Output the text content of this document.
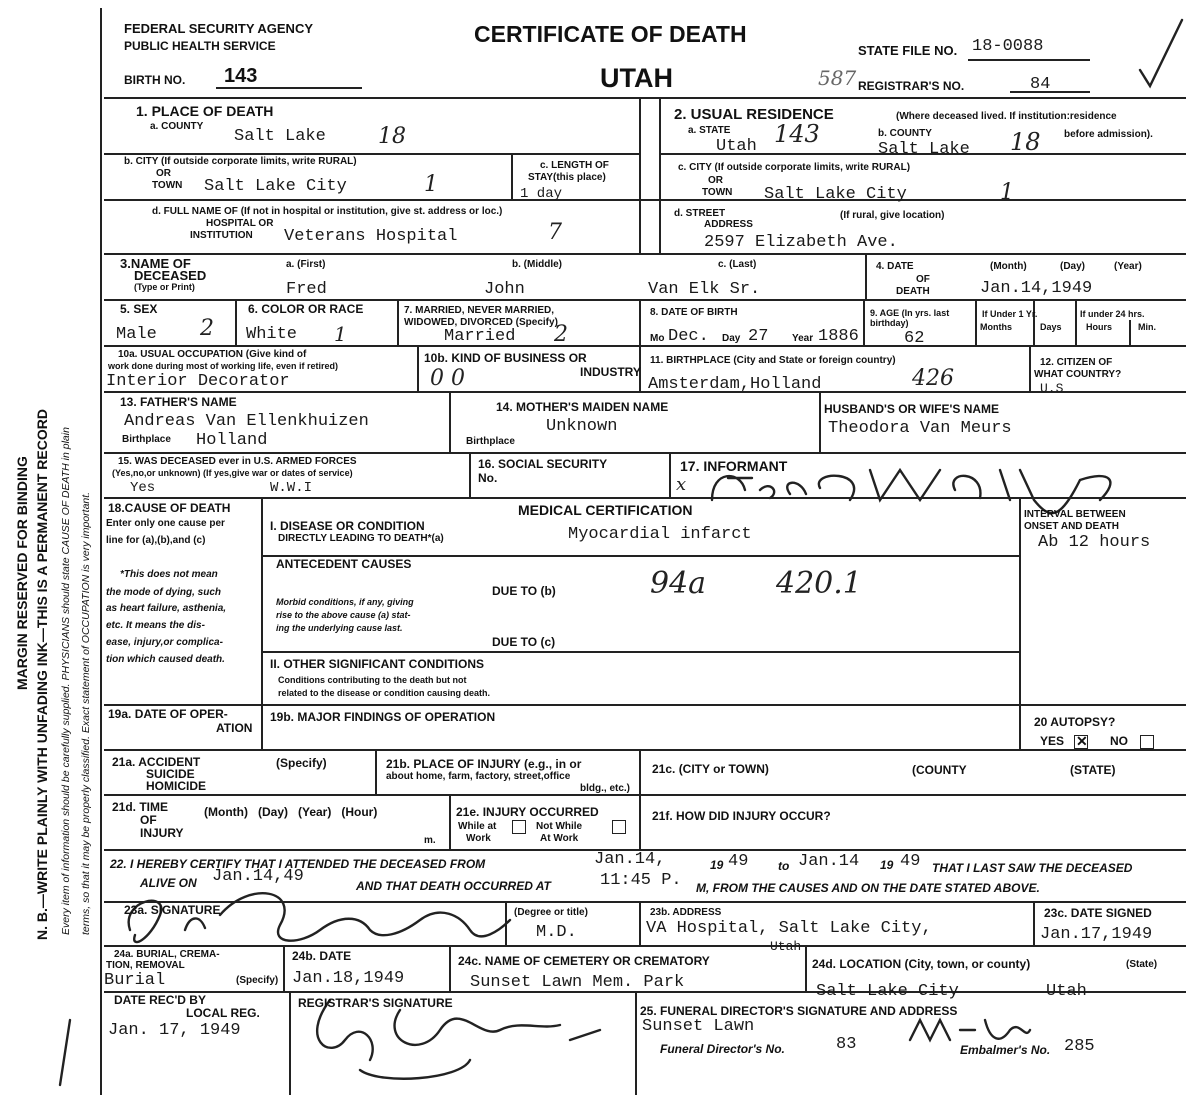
MARGIN RESERVED FOR BINDING N. B.—WRITE PLAINLY WITH UNFADING INK—THIS IS A PERMANENT RECORD Every item of information should be carefully supplied. PHYSICIANS should state CAUSE OF DEATH in plain terms, so that it may be properly classified. Exact statement of OCCUPATION is very important.
FEDERAL SECURITY AGENCY
PUBLIC HEALTH SERVICE	CERTIFICATE OF DEATH
UTAH
STATE FILE NO. 18-0088
BIRTH NO. 143	587 REGISTRAR'S NO.	84
1. PLACE OF DEATH
a. COUNTY
Salt Lake 18
b. CITY (If outside corporate limits, write RURAL)
OR
TOWN Salt Lake City	1
c. LENGTH OF
STAY(this place)
1 day
d. FULL NAME OF (If not in hospital or institution, give st. address or loc.)
HOSPITAL OR
INSTITUTION Veterans Hospital	7
2. USUAL RESIDENCE	(Where deceased lived. If institution:residence
before admission).
a. STATE
Utah 143	b. COUNTY
Salt Lake 18
c. CITY (If outside corporate limits, write RURAL)
OR
TOWN Salt Lake City	1
d. STREET
ADDRESS
(If rural, give location)
2597 Elizabeth Ave.
3.NAME OF
DECEASED
(Type or Print)
a. (First)	b. (Middle)	c. (Last)
Fred	John	Van Elk Sr.
4. DATE
OF
DEATH
(Month)	(Day)	(Year)
Jan.14,1949
5. SEX
Male 2
6. COLOR OR RACE
White 1
7. MARRIED, NEVER MARRIED,
WIDOWED, DIVORCED (Specify)
Married 2
8. DATE OF BIRTH
Mo Dec. Day 27 Year 1886
9. AGE (In yrs. last birthday)
62
If Under 1 Yr.
Months	Days
If under 24 hrs.
Hours	Min.
10a. USUAL OCCUPATION (Give kind of
work done during most of working life, even if retired)
Interior Decorator
10b. KIND OF BUSINESS OR
INDUSTRY
0 0
11. BIRTHPLACE (City and State or foreign country)
Amsterdam,Holland	426
12. CITIZEN OF
WHAT COUNTRY?
U.S
13. FATHER'S NAME
Andreas Van Ellenkhuizen
Birthplace Holland
14. MOTHER'S MAIDEN NAME
Unknown
Birthplace
HUSBAND'S OR WIFE'S NAME
Theodora Van Meurs
15. WAS DECEASED ever in U.S. ARMED FORCES
(Yes,no,or unknown) (If yes,give war or dates of service)
Yes	W.W.I
16. SOCIAL SECURITY
No.
17. INFORMANT
x
MEDICAL CERTIFICATION
18.CAUSE OF DEATH
Enter only one cause per
line for (a),(b),and (c)
*This does not mean
the mode of dying, such
as heart failure, asthenia,
etc. It means the dis-
ease, injury,or complica-
tion which caused death.
I. DISEASE OR CONDITION
DIRECTLY LEADING TO DEATH*(a)	Myocardial infarct
ANTECEDENT CAUSES
Morbid conditions, if any, giving
rise to the above cause (a) stat-
ing the underlying cause last.
DUE TO (b)	94a 420.1
DUE TO (c)
INTERVAL BETWEEN
ONSET AND DEATH
Ab 12 hours
II. OTHER SIGNIFICANT CONDITIONS
Conditions contributing to the death but not
related to the disease or condition causing death.
19a. DATE OF OPER-
ATION
19b. MAJOR FINDINGS OF OPERATION	20 AUTOPSY?
YES ✕ NO
21a. ACCIDENT
SUICIDE
HOMICIDE
(Specify)	21b. PLACE OF INJURY (e.g., in or
about home, farm, factory, street,office
bldg., etc.)
21c. (CITY or TOWN)	(COUNTY	(STATE)
21d. TIME
OF
INJURY
(Month)   (Day)   (Year)   (Hour)
m.
21e. INJURY OCCURRED
While at
Work
Not While
At Work
21f. HOW DID INJURY OCCUR?
22. I HEREBY CERTIFY THAT I ATTENDED THE DECEASED FROM	Jan.14,	19 49 to Jan.14 19 49 THAT I LAST SAW THE DECEASED
ALIVE ON Jan.14,49	AND THAT DEATH OCCURRED AT	11:45 P. M, FROM THE CAUSES AND ON THE DATE STATED ABOVE.
23a. SIGNATURE	(Degree or title)
M.D.
23b. ADDRESS
VA Hospital, Salt Lake City,
Utah
23c. DATE SIGNED
Jan.17,1949
24a. BURIAL, CREMA-
TION, REMOVAL
Burial	(Specify)
24b. DATE
Jan.18,1949
24c. NAME OF CEMETERY OR CREMATORY
Sunset Lawn Mem. Park
24d. LOCATION (City, town, or county)	(State)
Salt Lake City	Utah
DATE REC'D BY
LOCAL REG.
Jan. 17, 1949
REGISTRAR'S SIGNATURE
25. FUNERAL DIRECTOR'S SIGNATURE AND ADDRESS
Sunset Lawn
Funeral Director's No.	83	Embalmer's No. 285
